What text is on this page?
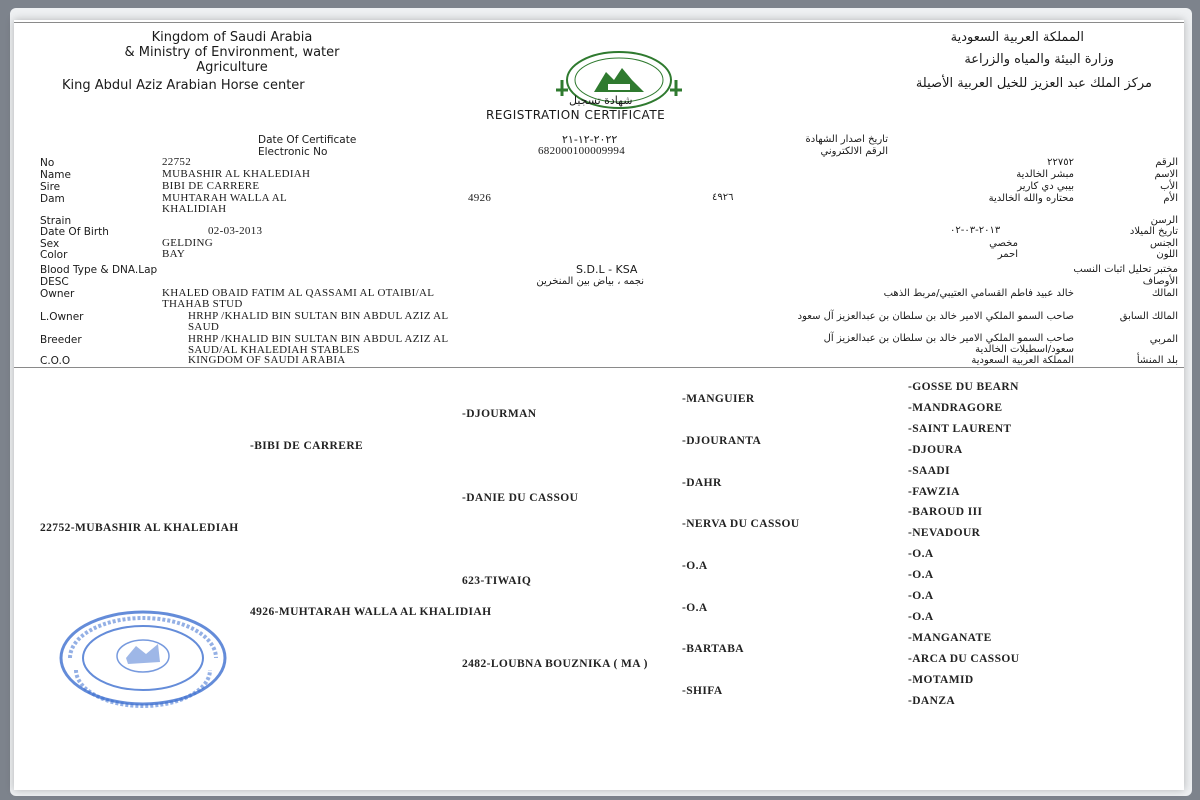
Kingdom of Saudi Arabia
& Ministry of Environment, water
Agriculture
King Abdul Aziz Arabian Horse center
المملكة العربية السعودية
وزارة البيئة والمياه والزراعة
مركز الملك عبد العزيز للخيل العربية الأصيلة
شهادة تسجيل
REGISTRATION CERTIFICATE
Date Of Certificate	٢٠٢٢-١٢-٢١	تاريخ اصدار الشهادة
Electronic No	682000100009994	الرقم الالكتروني
No	22752	٢٢٧٥٢	الرقم
Name	MUBASHIR AL KHALEDIAH	مبشر الخالدية	الاسم
Sire	BIBI DE CARRERE	بيبي دي كارير	الأب
Dam	MUHTARAH WALLA AL
KHALIDIAH
4926	٤٩٢٦	محتاره والله الخالدية	الأم
Strain	الرسن
Date Of Birth	02-03-2013	٢٠١٣-٠٣-٠٢	تاريخ الميلاد
Sex	GELDING	مخصي	الجنس
Color	BAY	احمر	اللون
Blood Type & DNA.Lap	S.D.L - KSA	مختبر تحليل اثبات النسب
DESC	نجمه ، بياض بين المنخرين	الأوصاف
Owner	KHALED OBAID FATIM AL QASSAMI AL OTAIBI/AL
THAHAB STUD
خالد عبيد فاطم القسامي العتيبي/مربط الذهب	المالك
L.Owner	HRHP /KHALID BIN SULTAN BIN ABDUL AZIZ AL
SAUD
صاحب السمو الملكي الامير خالد بن سلطان بن عبدالعزيز آل سعود	المالك السابق
Breeder	HRHP /KHALID BIN SULTAN BIN ABDUL AZIZ AL
SAUD/AL KHALEDIAH STABLES
صاحب السمو الملكي الامير خالد بن سلطان بن عبدالعزيز آل
سعود/اسطبلات الخالدية
المربي
C.O.O	KINGDOM OF SAUDI ARABIA	المملكة العربية السعودية	بلد المنشأ
22752-MUBASHIR AL KHALEDIAH
-BIBI DE CARRERE
4926-MUHTARAH WALLA AL KHALIDIAH
-DJOURMAN
-DANIE DU CASSOU
623-TIWAIQ
2482-LOUBNA BOUZNIKA ( MA )
-MANGUIER
-DJOURANTA
-DAHR
-NERVA DU CASSOU
-O.A
-O.A
-BARTABA
-SHIFA
-GOSSE DU BEARN
-MANDRAGORE
-SAINT LAURENT
-DJOURA
-SAADI
-FAWZIA
-BAROUD III
-NEVADOUR
-O.A
-O.A
-O.A
-O.A
-MANGANATE
-ARCA DU CASSOU
-MOTAMID
-DANZA
